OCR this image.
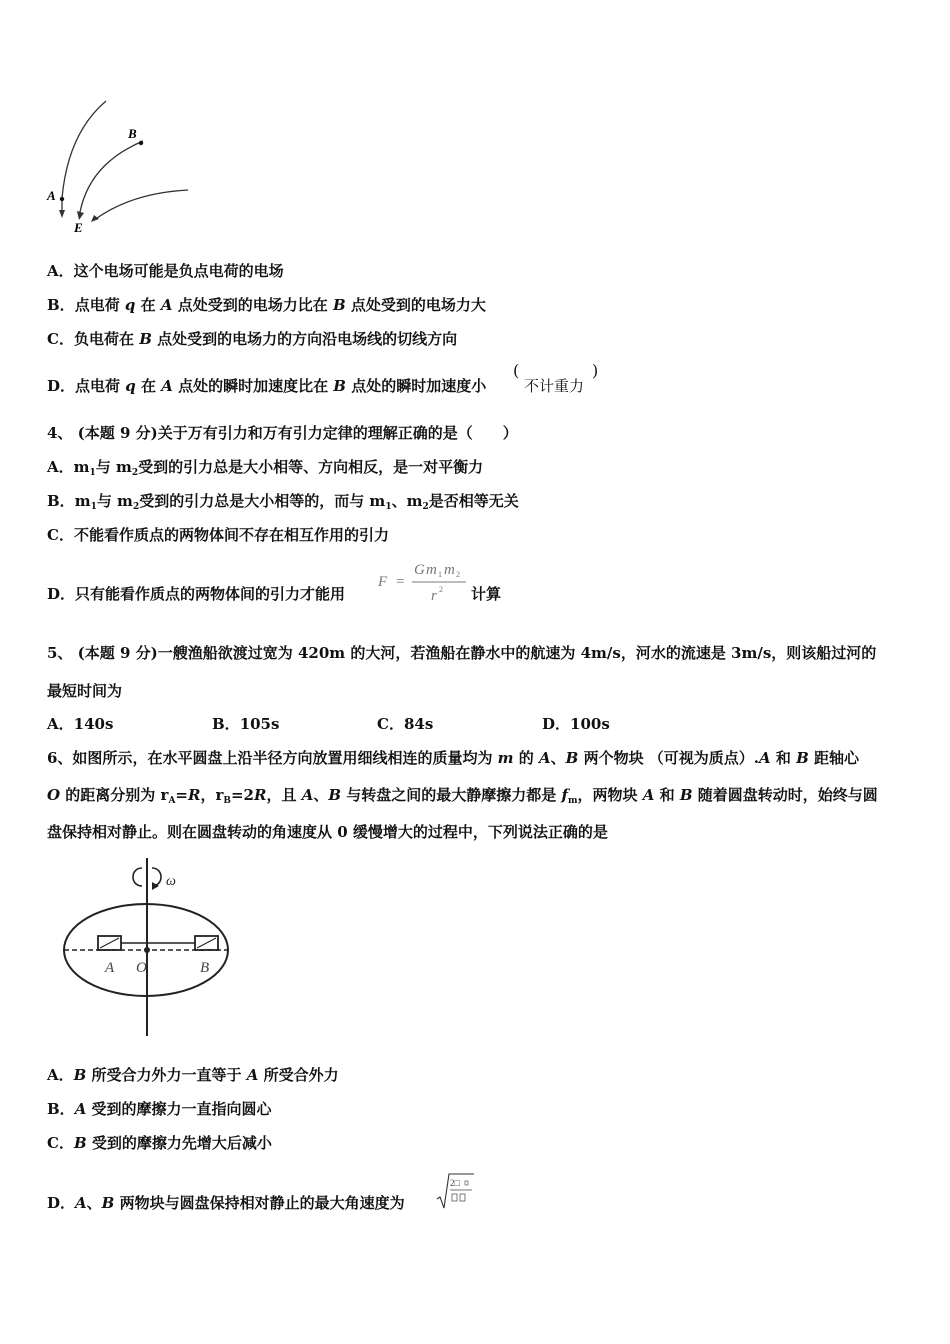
B
A
E
A．这个电场可能是负点电荷的电场
B．点电荷 q 在 A 点处受到的电场力比在 B 点处受到的电场力大
C．负电荷在 B 点处受到的电场力的方向沿电场线的切线方向
D．点电荷 q 在 A 点处的瞬时加速度比在 B 点处的瞬时加速度小
(
不计重力
)
4、 (本题 9 分)关于万有引力和万有引力定律的理解正确的是（　　）
A．$m_1$与 $m_2$受到的引力总是大小相等、方向相反，是一对平衡力
B．$m_1$与 $m_2$受到的引力总是大小相等的，而与 $m_1$、$m_2$是否相等无关
C．不能看作质点的两物体间不存在相互作用的引力
D．只有能看作质点的两物体间的引力才能用
F =
G m 1 m 2
r 2 计算
5、 (本题 9 分)一艘渔船欲渡过宽为 420m 的大河，若渔船在静水中的航速为 4m/s，河水的流速是 3m/s，则该船过河的
最短时间为
A．140s	B．105s	C．84s	D．100s
6、如图所示，在水平圆盘上沿半径方向放置用细线相连的质量均为 m 的 A、B 两个物块 （可视为质点）.A 和 B 距轴心
O 的距离分别为 $r_A=R$，$r_B=2R$，且 A、B 与转盘之间的最大静摩擦力都是 $f_m$，两物块 A 和 B 随着圆盘转动时，始终与圆
盘保持相对静止。则在圆盘转动的角速度从 0 缓慢增大的过程中，下列说法正确的是
ω
A O	B
A．B 所受合力外力一直等于 A 所受合外力
B．A 受到的摩擦力一直指向圆心
C．B 受到的摩擦力先增大后减小
D．A、B 两物块与圆盘保持相对静止的最大角速度为
2□
